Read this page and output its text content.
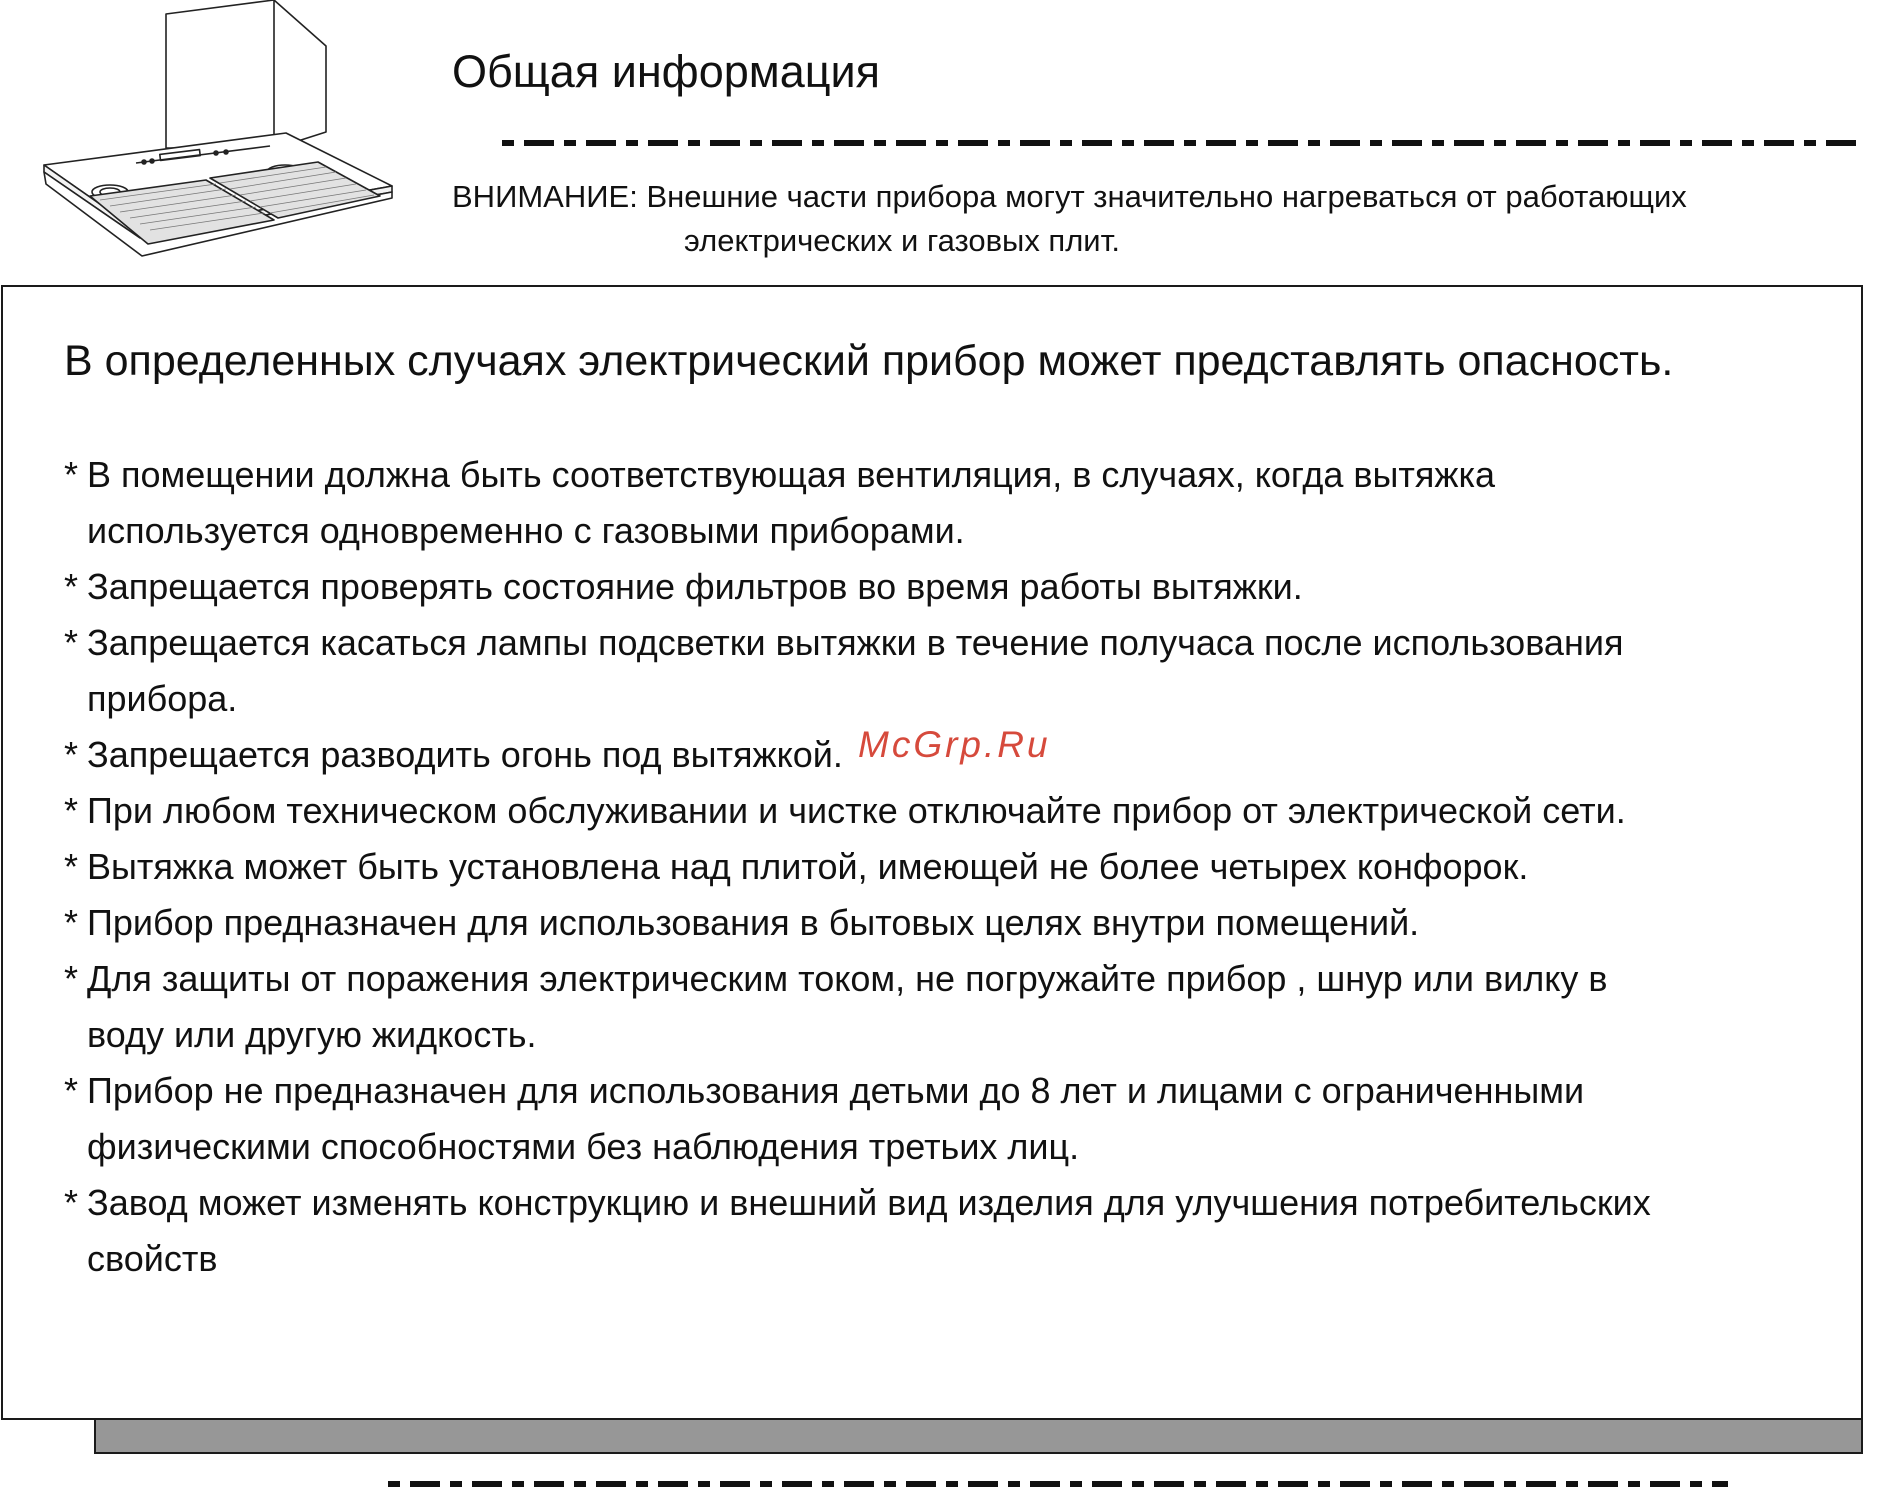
Общая информация
ВНИМАНИЕ: Внешние части прибора могут значительно нагреваться от работающих
электрических и газовых плит.
В определенных случаях электрический прибор может представлять опасность.
* В помещении должна быть соответствующая вентиляция, в случаях, когда вытяжка
используется одновременно с газовыми приборами.
* Запрещается проверять состояние фильтров во время работы вытяжки.
* Запрещается касаться лампы подсветки вытяжки в течение получаса после использования
прибора.
* Запрещается разводить огонь под вытяжкой.
* При любом техническом обслуживании и чистке отключайте прибор от электрической сети.
* Вытяжка может быть установлена над плитой, имеющей не более четырех конфорок.
* Прибор предназначен для использования в бытовых целях внутри помещений.
* Для защиты от поражения электрическим током, не погружайте прибор , шнур или вилку в
воду или другую жидкость.
* Прибор не предназначен для использования детьми до 8 лет и лицами с ограниченными
физическими способностями без наблюдения третьих лиц.
* Завод может изменять конструкцию и внешний вид изделия для улучшения потребительских
свойств
McGrp.Ru
